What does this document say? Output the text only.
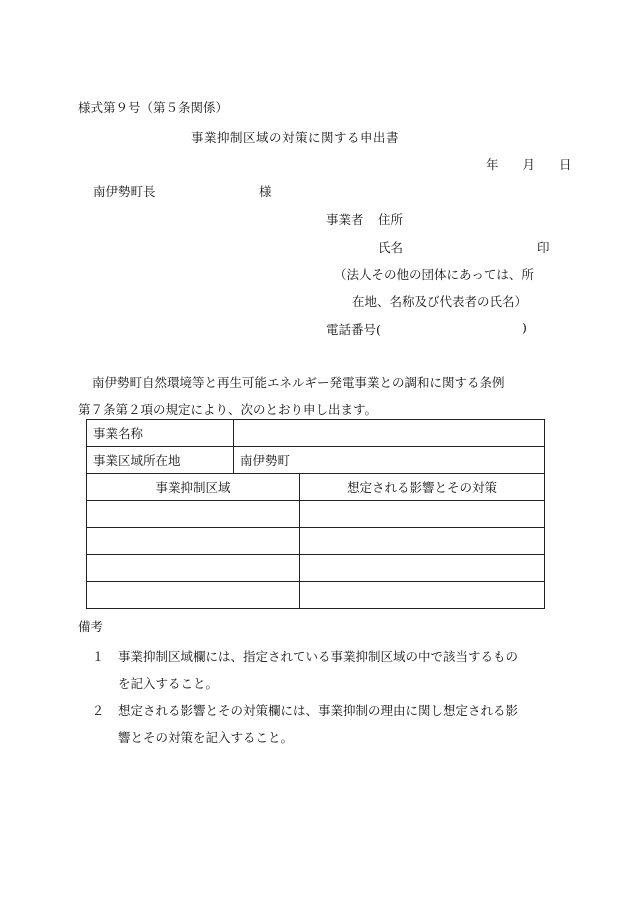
様式第９号（第５条関係）
事業抑制区域の対策に関する申出書
年 月 日
南伊勢町長	様
事業者 住所
氏名	印
（法人その他の団体にあっては、所
在地、名称及び代表者の氏名）
電話番号(	)
南伊勢町自然環境等と再生可能エネルギー発電事業との調和に関する条例
第７条第２項の規定により、次のとおり申し出ます。
事業名称		
事業区域所在地	南伊勢町	
事業抑制区域		想定される影響とその対策

備考
１ 事業抑制区域欄には、指定されている事業抑制区域の中で該当するもの
を記入すること。
２ 想定される影響とその対策欄には、事業抑制の理由に関し想定される影
響とその対策を記入すること。
